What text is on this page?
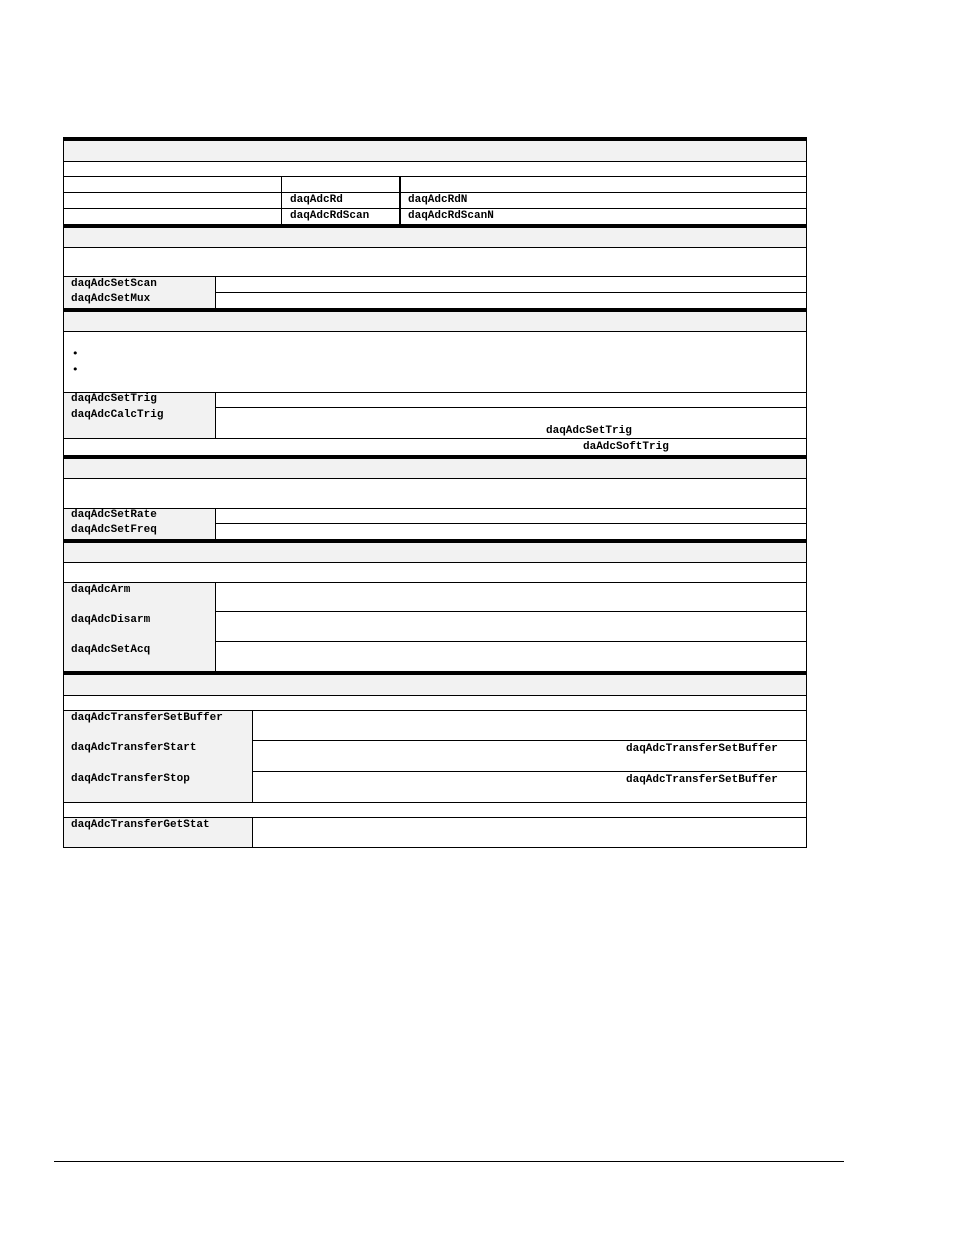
daqAdcRd	daqAdcRdN
daqAdcRdScan	daqAdcRdScanN
daqAdcSetScan
daqAdcSetMux
•
•
daqAdcSetTrig
daqAdcCalcTrig
daqAdcSetTrig
daAdcSoftTrig
daqAdcSetRate
daqAdcSetFreq
daqAdcArm
daqAdcDisarm
daqAdcSetAcq
daqAdcTransferSetBuffer
daqAdcTransferStart	daqAdcTransferSetBuffer
daqAdcTransferStop	daqAdcTransferSetBuffer
daqAdcTransferGetStat
